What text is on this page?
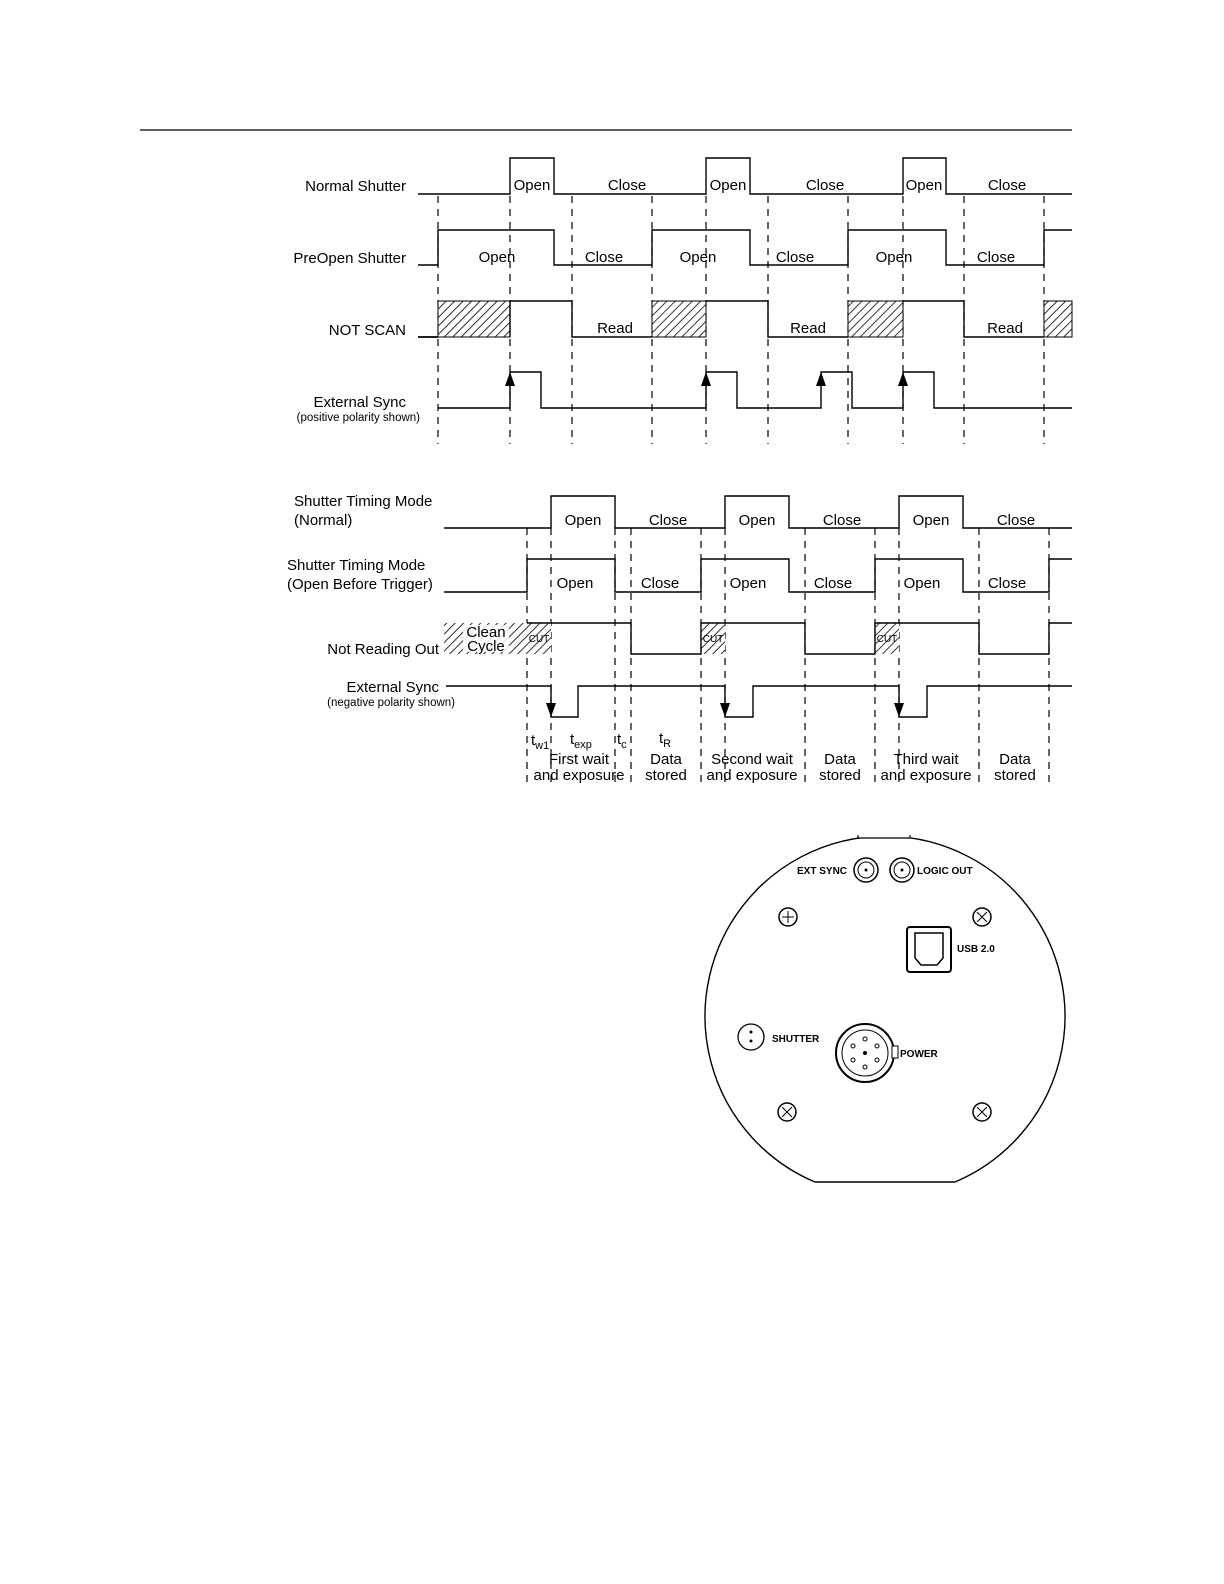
Normal Shutter	Open	Close	Open	Close	Open	Close
PreOpen Shutter	Open	Close	Open	Close	Open	Close
NOT SCAN	Read	Read	Read
External Sync
(positive polarity shown)
Shutter Timing Mode
(Normal)	Open	Close	Open	Close	Open	Close
Shutter Timing Mode
(Open Before Trigger)	Open	Close	Open	Close	Open	Close
Not Reading Out
Clean
Cycle CUT	CUT	CUT
External Sync
(negative polarity shown)
$t_{w1}$ $t_{exp}$ $t_c$ $t_R$
First wait
and exposure
Data
stored
Second wait
and exposure
Data
stored
Third wait
and exposure
Data
stored
EXT SYNC	LOGIC OUT
USB 2.0
SHUTTER
POWER
